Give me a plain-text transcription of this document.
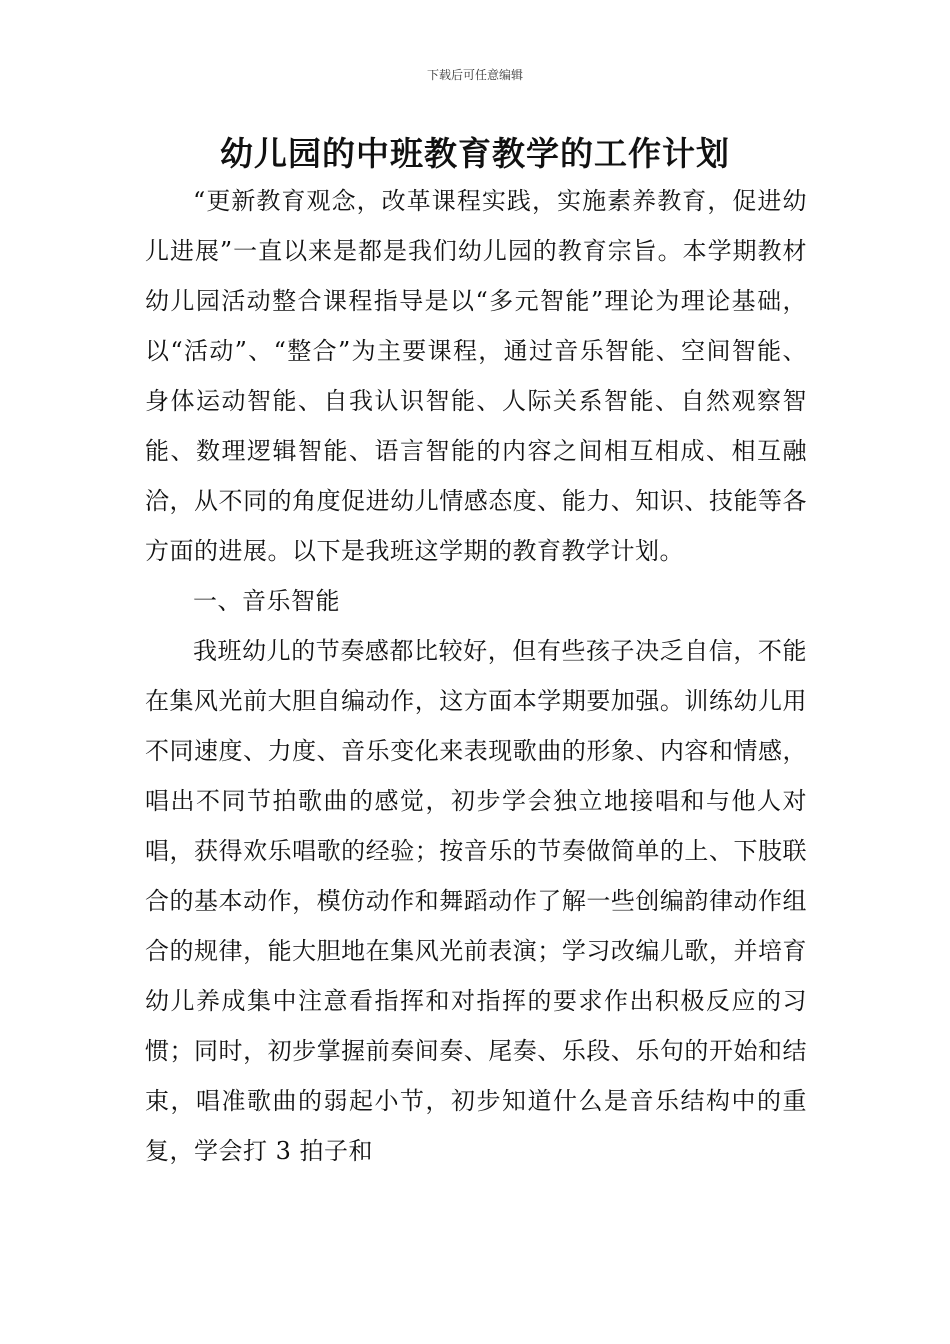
下载后可任意编辑
幼儿园的中班教育教学的工作计划

“更新教育观念，改革课程实践，实施素养教育，促进幼儿进展”一直以来是都是我们幼儿园的教育宗旨。本学期教材幼儿园活动整合课程指导是以“多元智能”理论为理论基础，以“活动”、“整合”为主要课程，通过音乐智能、空间智能、身体运动智能、自我认识智能、人际关系智能、自然观察智能、数理逻辑智能、语言智能的内容之间相互相成、相互融洽，从不同的角度促进幼儿情感态度、能力、知识、技能等各方面的进展。以下是我班这学期的教育教学计划。

一、音乐智能

我班幼儿的节奏感都比较好，但有些孩子决乏自信，不能在集风光前大胆自编动作，这方面本学期要加强。训练幼儿用不同速度、力度、音乐变化来表现歌曲的形象、内容和情感，唱出不同节拍歌曲的感觉，初步学会独立地接唱和与他人对唱，获得欢乐唱歌的经验；按音乐的节奏做简单的上、下肢联合的基本动作，模仿动作和舞蹈动作了解一些创编韵律动作组合的规律，能大胆地在集风光前表演；学习改编儿歌，并培育幼儿养成集中注意看指挥和对指挥的要求作出积极反应的习惯；同时，初步掌握前奏间奏、尾奏、乐段、乐句的开始和结束，唱准歌曲的弱起小节，初步知道什么是音乐结构中的重复，学会打 3 拍子和
